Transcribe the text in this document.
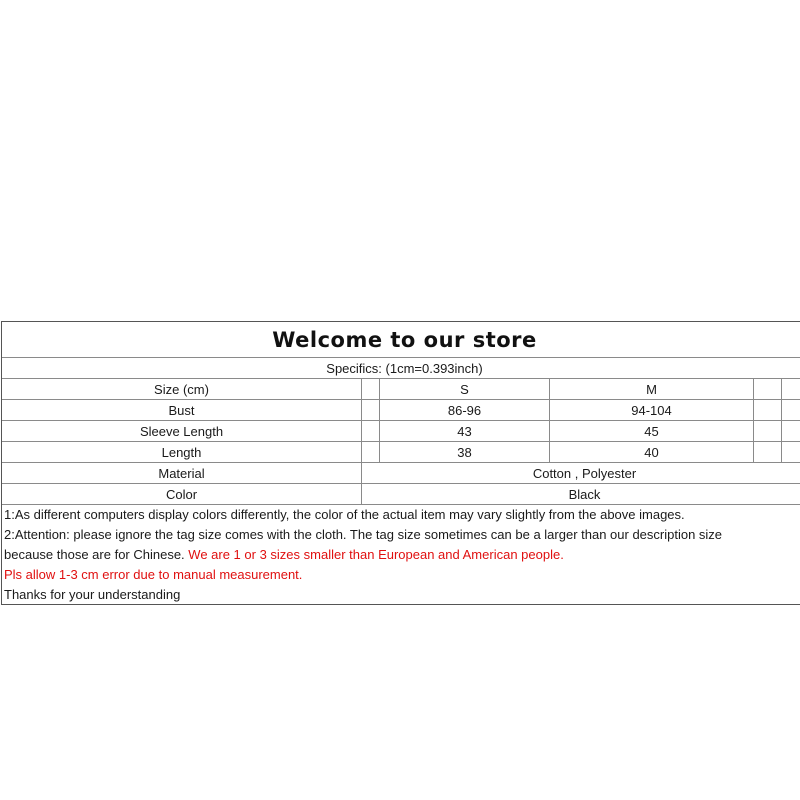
Welcome to our store
Specifics: (1cm=0.393inch)
Size (cm)	S	M
Bust	86-96	94-104
Sleeve Length	43	45
Length	38	40
Material	Cotton , Polyester
Color	Black
1:As different computers display colors differently, the color of the actual item may vary slightly from the above images.
2:Attention: please ignore the tag size comes with the cloth. The tag size sometimes can be a larger than our description size
because those are for Chinese. We are 1 or 3 sizes smaller than European and American people.
Pls allow 1-3 cm error due to manual measurement.
Thanks for your understanding
